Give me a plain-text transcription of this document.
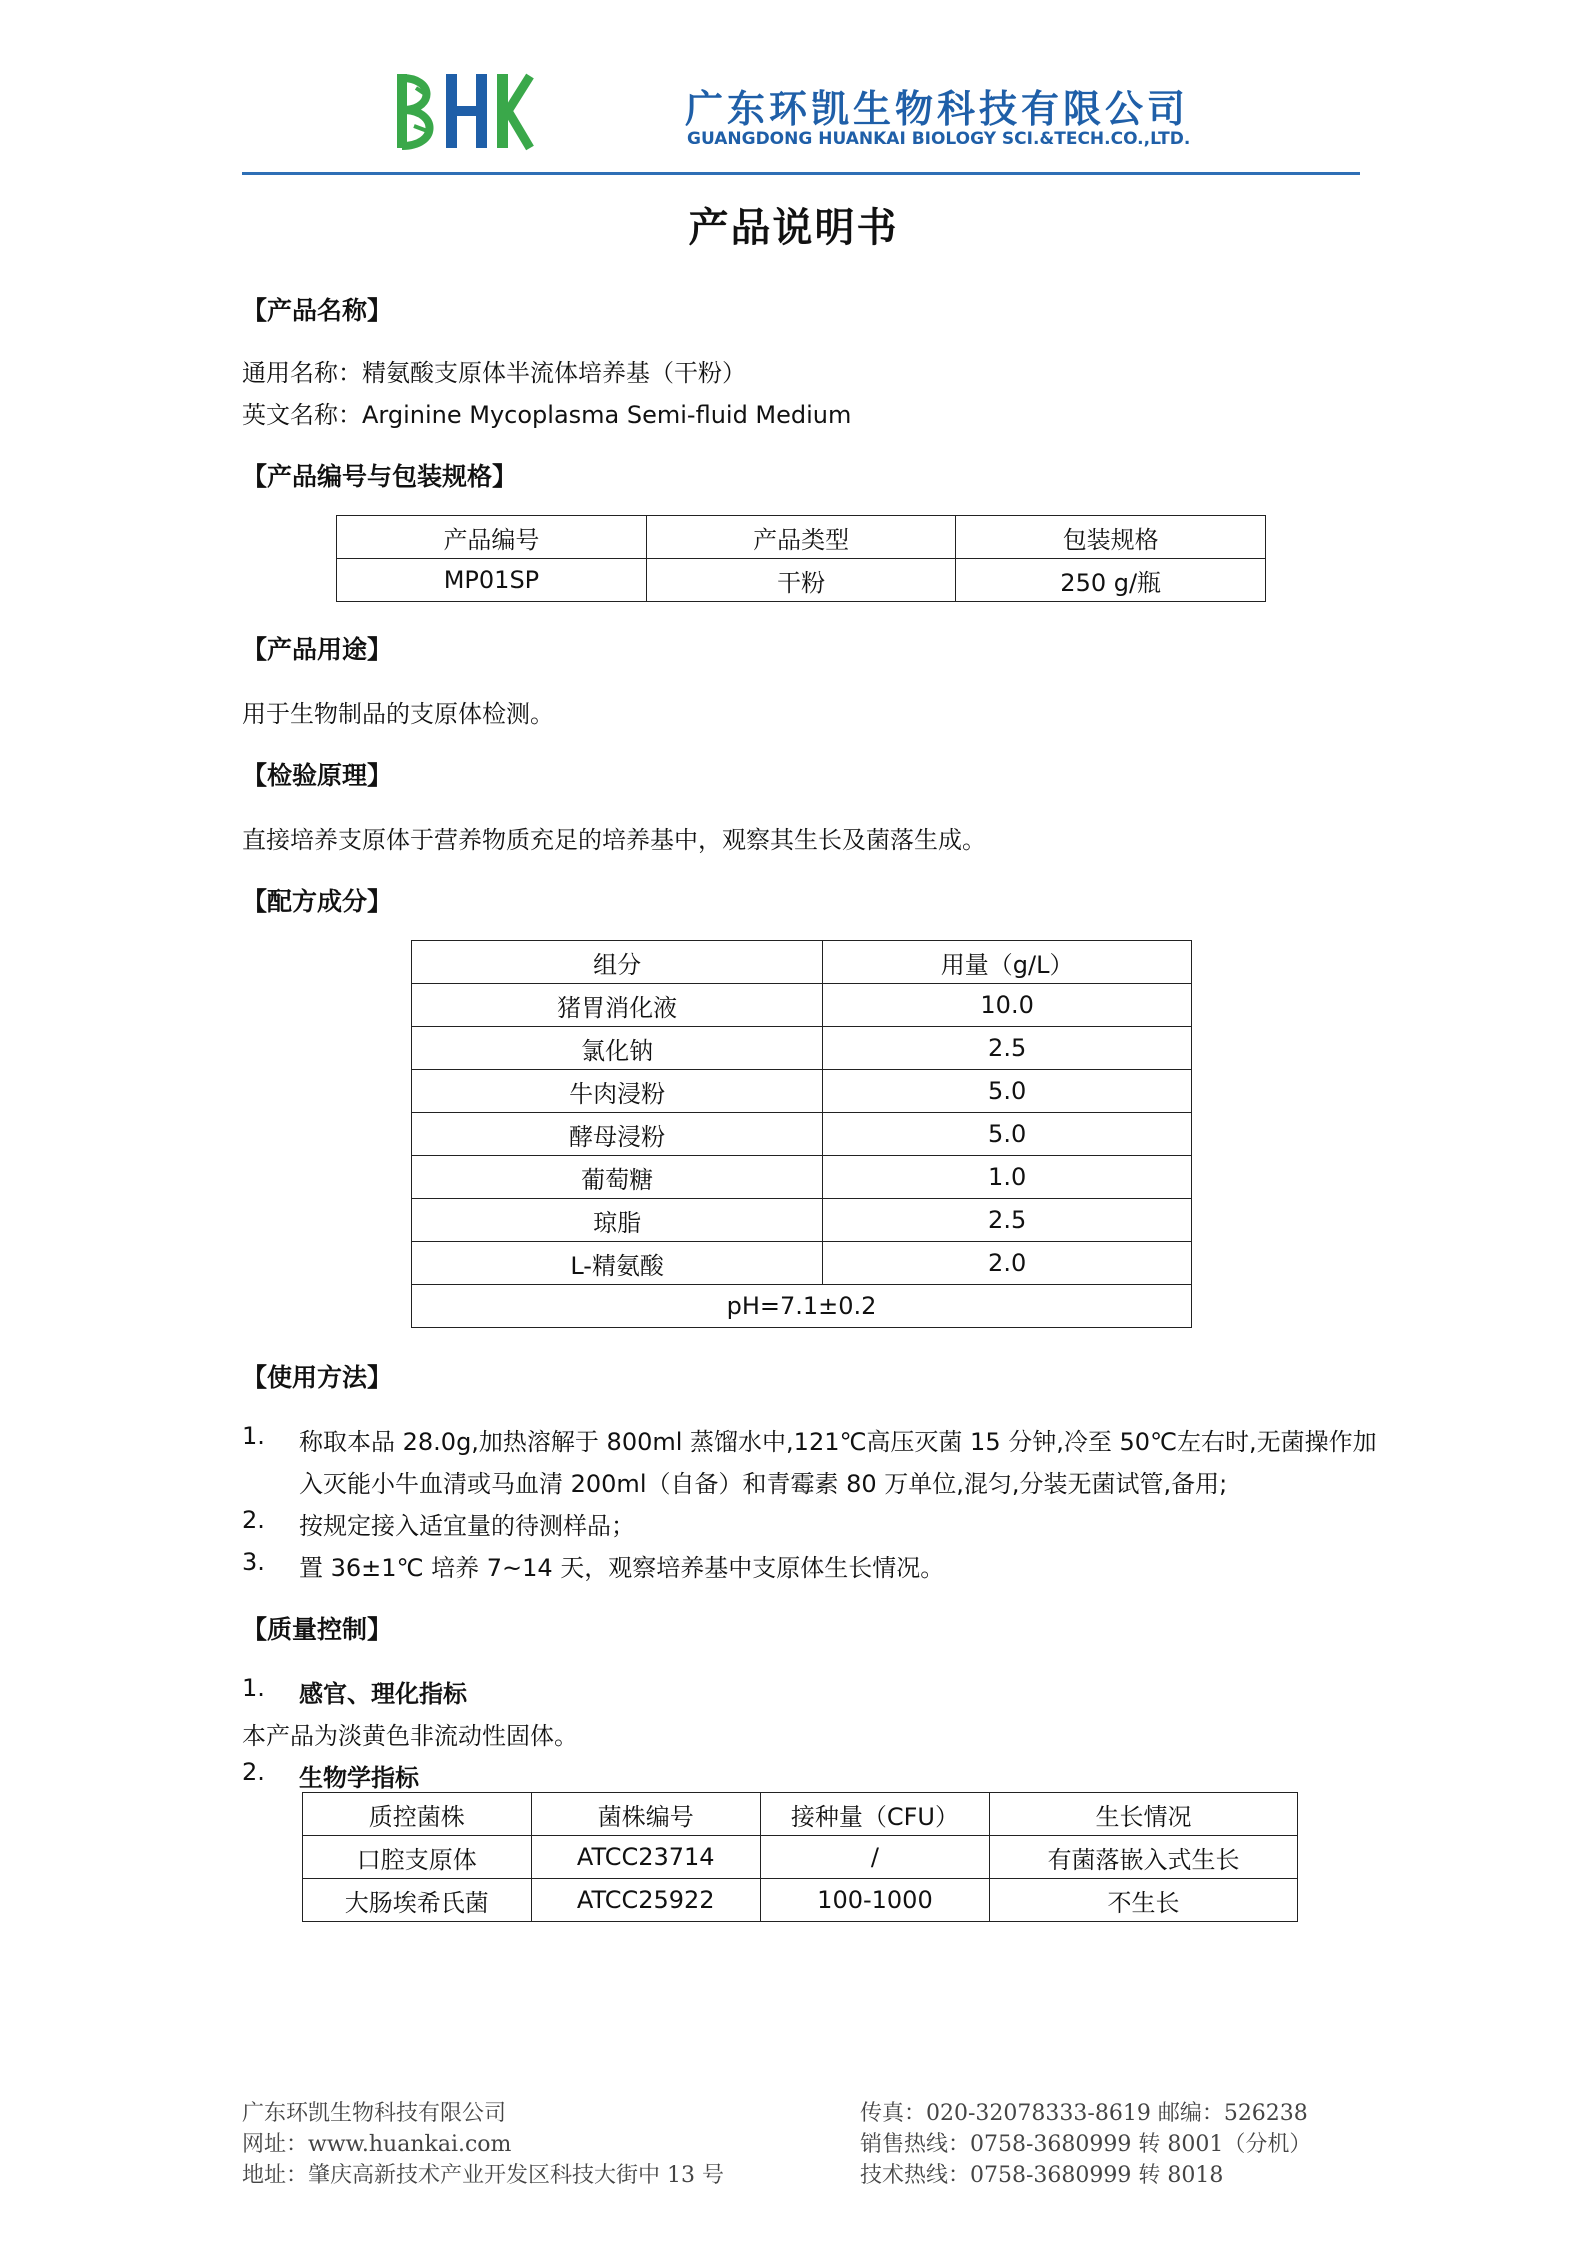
BHK
广东环凯生物科技有限公司
GUANGDONG HUANKAI BIOLOGY SCI.&TECH.CO.,LTD.
产品说明书
【产品名称】
通用名称：精氨酸支原体半流体培养基（干粉）
英文名称：Arginine Mycoplasma Semi-fluid Medium
【产品编号与包装规格】
产品编号	产品类型	包装规格
MP01SP	干粉	250 g/瓶
【产品用途】
用于生物制品的支原体检测。
【检验原理】
直接培养支原体于营养物质充足的培养基中，观察其生长及菌落生成。
【配方成分】
组分	用量（g/L）
猪胃消化液	10.0
氯化钠	2.5
牛肉浸粉	5.0
酵母浸粉	5.0
葡萄糖	1.0
琼脂	2.5
L-精氨酸	2.0
pH=7.1±0.2	
【使用方法】
1. 称取本品 28.0g,加热溶解于 800ml 蒸馏水中,121℃高压灭菌 15 分钟,冷至 50℃左右时,无菌操作加
入灭能小牛血清或马血清 200ml（自备）和青霉素 80 万单位,混匀,分装无菌试管,备用;
2. 按规定接入适宜量的待测样品；
3. 置 36±1℃ 培养 7~14 天，观察培养基中支原体生长情况。
【质量控制】
1. 感官、理化指标
本产品为淡黄色非流动性固体。
2. 生物学指标
质控菌株	菌株编号	接种量（CFU）	生长情况
口腔支原体	ATCC23714	/	有菌落嵌入式生长
大肠埃希氏菌	ATCC25922	100-1000	不生长
广东环凯生物科技有限公司
网址：www.huankai.com
地址：肇庆高新技术产业开发区科技大街中 13 号
传真：020-32078333-8619 邮编：526238
销售热线：0758-3680999 转 8001（分机）
技术热线：0758-3680999 转 8018
